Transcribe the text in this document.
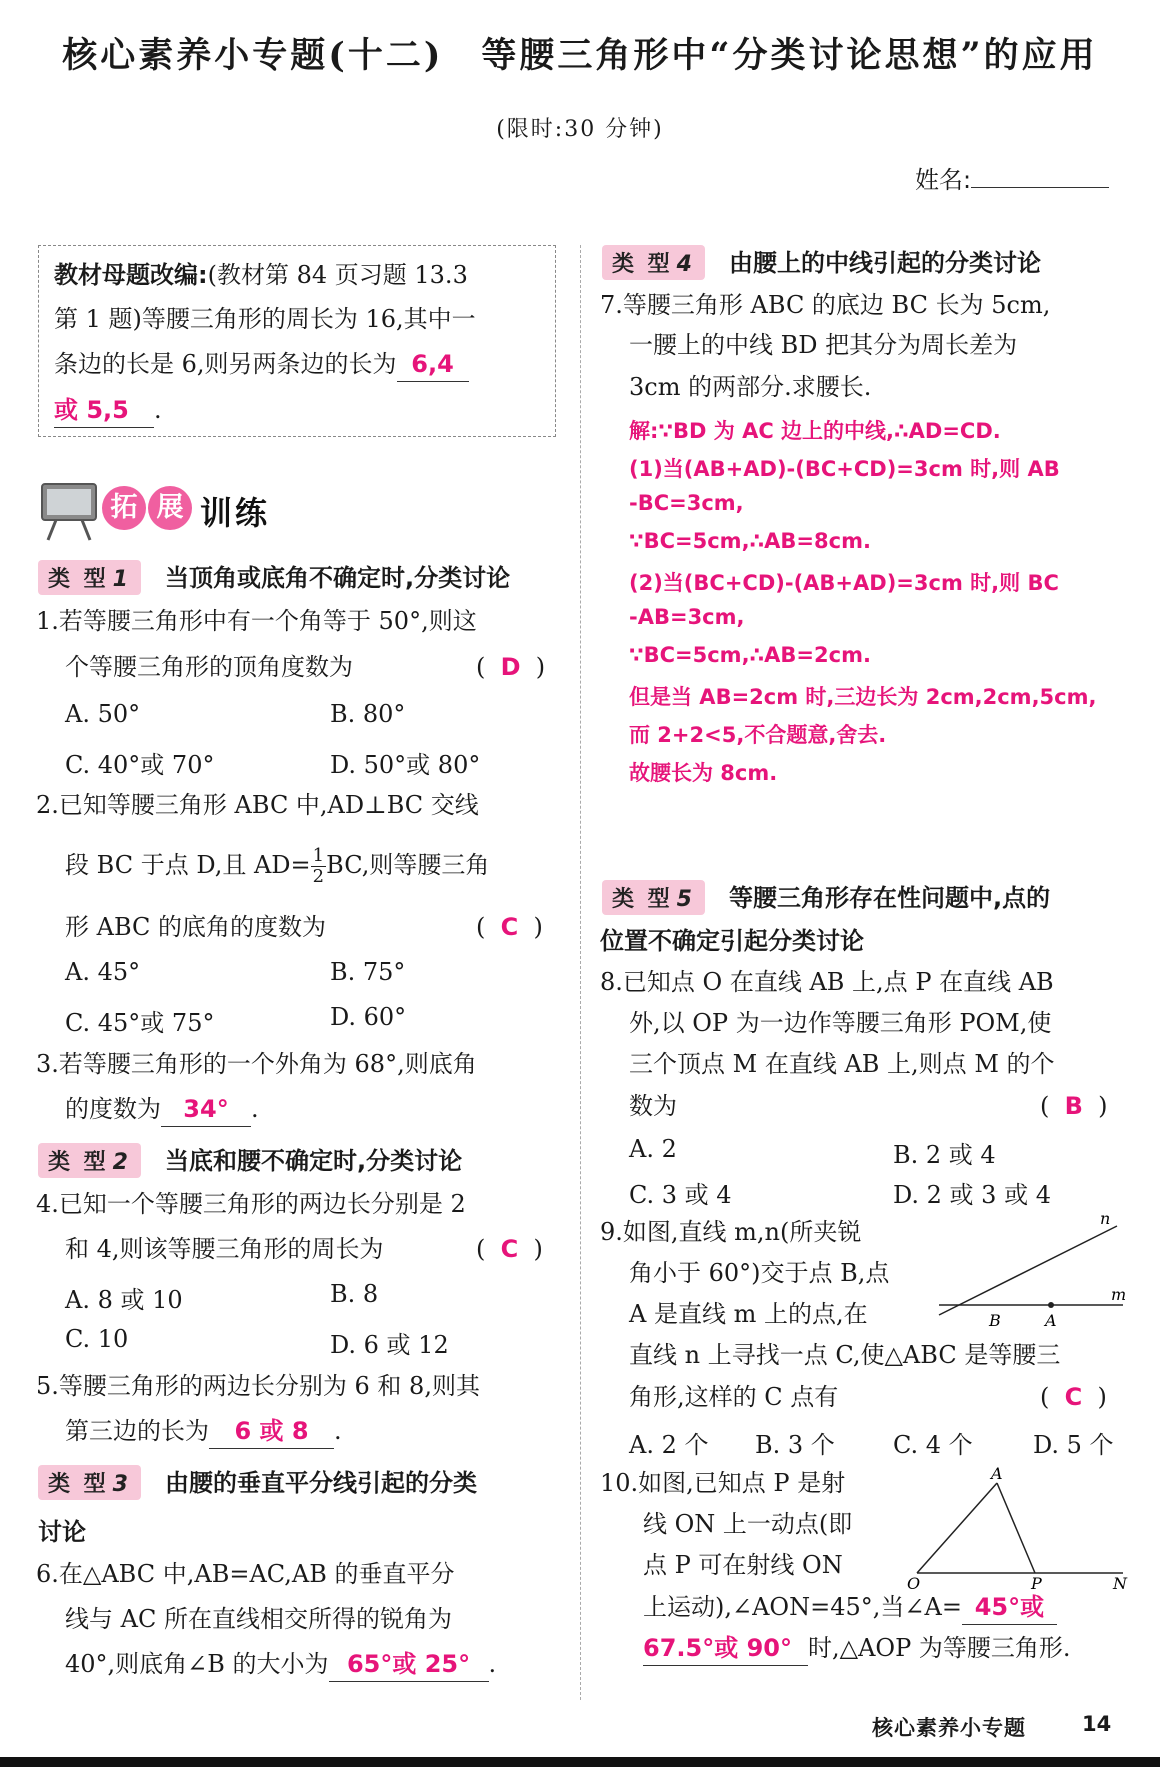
核心素养小专题(十二)　等腰三角形中“分类讨论思想”的应用
(限时:30 分钟)
姓名:
教材母题改编:(教材第 84 页习题 13.3
第 1 题)等腰三角形的周长为 16,其中一
条边的长是 6,则另两条边的长为 6,4
或 5,5 .
拓 展 训练
类 型 1 当顶角或底角不确定时,分类讨论
1.若等腰三角形中有一个角等于 50°,则这
个等腰三角形的顶角度数为	(  D  )
A. 50°	B. 80°
C. 40°或 70°	D. 50°或 80°
2.已知等腰三角形 ABC 中,AD⊥BC 交线
段 BC 于点 D,且 $AD= \frac{1}{2}$ BC,则等腰三角
形 ABC 的底角的度数为	(  C  )
A. 45°	B. 75°
C. 45°或 75°	D. 60°
3.若等腰三角形的一个外角为 68°,则底角
的度数为 34° .
类 型 2 当底和腰不确定时,分类讨论
4.已知一个等腰三角形的两边长分别是 2
和 4,则该等腰三角形的周长为	(  C  )
A. 8 或 10	B. 8
C. 10	D. 6 或 12
5.等腰三角形的两边长分别为 6 和 8,则其
第三边的长为 6 或 8 .
类 型 3 由腰的垂直平分线引起的分类
讨论
6.在△ABC 中,AB=AC,AB 的垂直平分
线与 AC 所在直线相交所得的锐角为
40°,则底角∠B 的大小为 65°或 25° .
类 型 4 由腰上的中线引起的分类讨论
7.等腰三角形 ABC 的底边 BC 长为 5cm,
一腰上的中线 BD 把其分为周长差为
3cm 的两部分.求腰长.
解:∵BD 为 AC 边上的中线,∴AD=CD.
(1)当(AB+AD)-(BC+CD)=3cm 时,则 AB
-BC=3cm,
∵BC=5cm,∴AB=8cm.
(2)当(BC+CD)-(AB+AD)=3cm 时,则 BC
-AB=3cm,
∵BC=5cm,∴AB=2cm.
但是当 AB=2cm 时,三边长为 2cm,2cm,5cm,
而 2+2<5,不合题意,舍去.
故腰长为 8cm.
类 型 5 等腰三角形存在性问题中,点的
位置不确定引起分类讨论
8.已知点 O 在直线 AB 上,点 P 在直线 AB
外,以 OP 为一边作等腰三角形 POM,使
三个顶点 M 在直线 AB 上,则点 M 的个
数为	(  B  )
A. 2	B. 2 或 4
C. 3 或 4	D. 2 或 3 或 4
9.如图,直线 m,n(所夹锐
角小于 60°)交于点 B,点
A 是直线 m 上的点,在
直线 n 上寻找一点 C,使△ABC 是等腰三
角形,这样的 C 点有	(  C  )
A. 2 个 B. 3 个 C. 4 个	D. 5 个
n
m
B	A
10.如图,已知点 P 是射
线 ON 上一动点(即
点 P 可在射线 ON
上运动),∠AON=45°,当∠A= 45°或
67.5°或 90° 时,△AOP 为等腰三角形.
A
O	P	N
核心素养小专题	14
